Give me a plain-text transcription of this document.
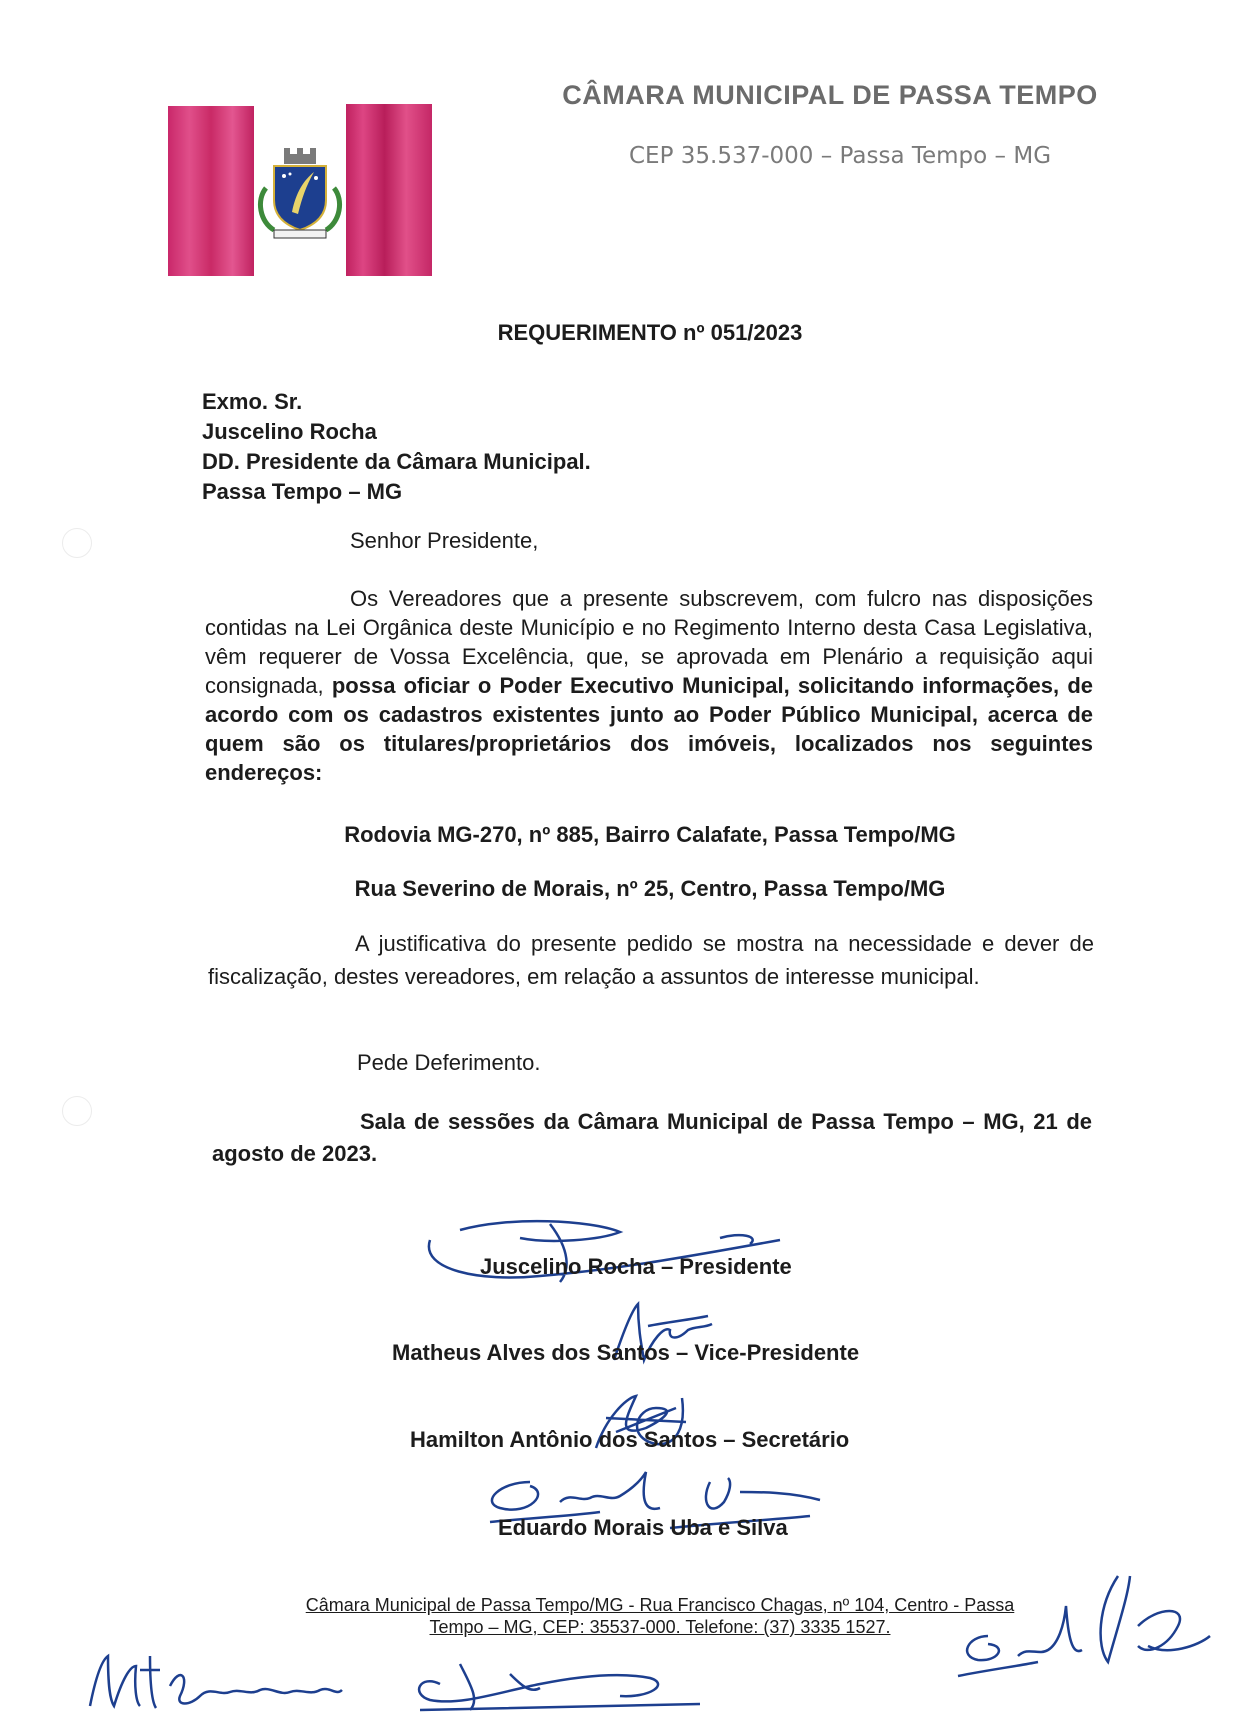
CÂMARA MUNICIPAL DE PASSA TEMPO
CEP 35.537-000 – Passa Tempo – MG
REQUERIMENTO nº 051/2023
Exmo. Sr.
Juscelino Rocha
DD. Presidente da Câmara Municipal.
Passa Tempo – MG
Senhor Presidente,
Os Vereadores que a presente subscrevem, com fulcro nas disposições contidas na Lei Orgânica deste Município e no Regimento Interno desta Casa Legislativa, vêm requerer de Vossa Excelência, que, se aprovada em Plenário a requisição aqui consignada, possa oficiar o Poder Executivo Municipal, solicitando informações, de acordo com os cadastros existentes junto ao Poder Público Municipal, acerca de quem são os titulares/proprietários dos imóveis, localizados nos seguintes endereços:
Rodovia MG-270, nº 885, Bairro Calafate, Passa Tempo/MG
Rua Severino de Morais, nº 25, Centro, Passa Tempo/MG
A justificativa do presente pedido se mostra na necessidade e dever de fiscalização, destes vereadores, em relação a assuntos de interesse municipal.
Pede Deferimento.
Sala de sessões da Câmara Municipal de Passa Tempo – MG, 21 de agosto de 2023.
Juscelino Rocha – Presidente
Matheus Alves dos Santos – Vice-Presidente
Hamilton Antônio dos Santos – Secretário
Eduardo Morais Uba e Silva
Câmara Municipal de Passa Tempo/MG - Rua Francisco Chagas, nº 104, Centro - Passa
Tempo – MG, CEP: 35537-000. Telefone: (37) 3335 1527.
